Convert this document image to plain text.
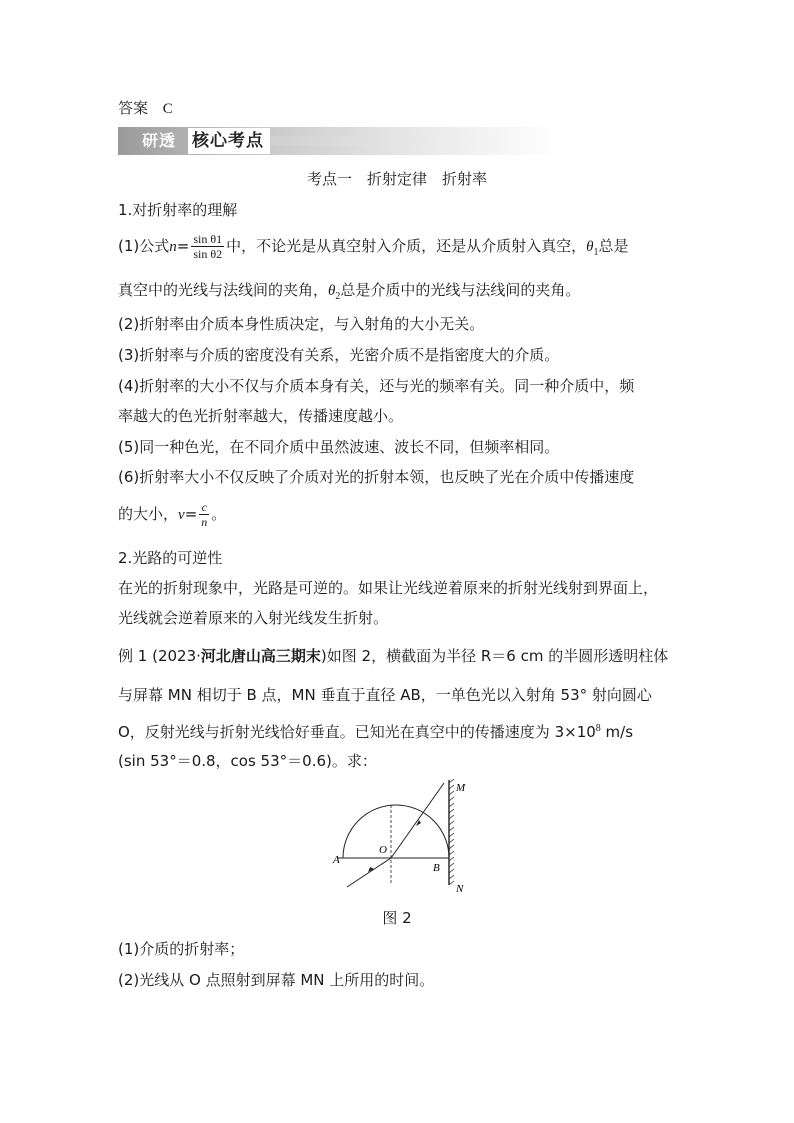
答案 C
研透 核心考点
考点一　折射定律　折射率
1.对折射率的理解
(1)公式$n= \frac{\text{sin θ1}}{\text{sin θ2}}$ 中，不论光是从真空射入介质，还是从介质射入真空，$\theta_1$总是
真空中的光线与法线间的夹角，$\theta_2$总是介质中的光线与法线间的夹角。
(2)折射率由介质本身性质决定，与入射角的大小无关。
(3)折射率与介质的密度没有关系，光密介质不是指密度大的介质。
(4)折射率的大小不仅与介质本身有关，还与光的频率有关。同一种介质中，频
率越大的色光折射率越大，传播速度越小。
(5)同一种色光，在不同介质中虽然波速、波长不同，但频率相同。
(6)折射率大小不仅反映了介质对光的折射本领，也反映了光在介质中传播速度
的大小，$v= \frac{c}{n}$ 。
2.光路的可逆性
在光的折射现象中，光路是可逆的。如果让光线逆着原来的折射光线射到界面上，
光线就会逆着原来的入射光线发生折射。
例 1 (2023·河北唐山高三期末)如图 2，横截面为半径 R＝6 cm 的半圆形透明柱体
与屏幕 MN 相切于 B 点，MN 垂直于直径 AB，一单色光以入射角 53° 射向圆心
O，反射光线与折射光线恰好垂直。已知光在真空中的传播速度为 $3\times 10^8$ m/s
(sin 53°＝0.8，cos 53°＝0.6)。求：
A
O
B
M
N
图 2
(1)介质的折射率；
(2)光线从 O 点照射到屏幕 MN 上所用的时间。
